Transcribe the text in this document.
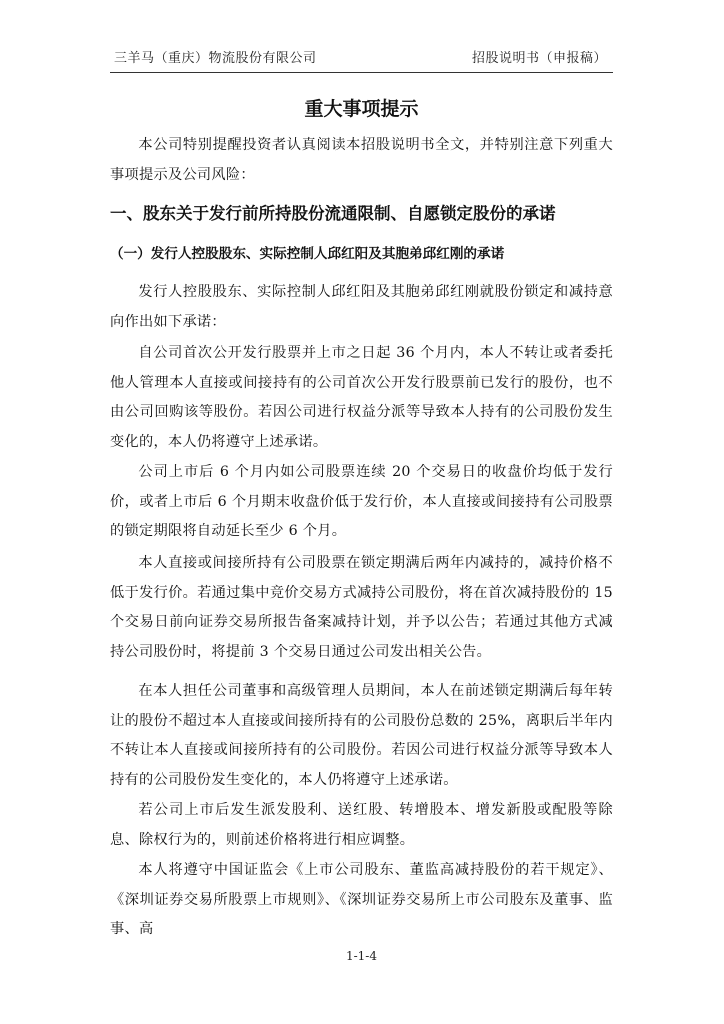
三羊马（重庆）物流股份有限公司	招股说明书（申报稿）
重大事项提示

本公司特别提醒投资者认真阅读本招股说明书全文，并特别注意下列重大事项提示及公司风险：

一、股东关于发行前所持股份流通限制、自愿锁定股份的承诺
（一）发行人控股股东、实际控制人邱红阳及其胞弟邱红刚的承诺

发行人控股股东、实际控制人邱红阳及其胞弟邱红刚就股份锁定和减持意向作出如下承诺：

自公司首次公开发行股票并上市之日起 36 个月内，本人不转让或者委托他人管理本人直接或间接持有的公司首次公开发行股票前已发行的股份，也不由公司回购该等股份。若因公司进行权益分派等导致本人持有的公司股份发生变化的，本人仍将遵守上述承诺。

公司上市后 6 个月内如公司股票连续 20 个交易日的收盘价均低于发行价，或者上市后 6 个月期末收盘价低于发行价，本人直接或间接持有公司股票的锁定期限将自动延长至少 6 个月。

本人直接或间接所持有公司股票在锁定期满后两年内减持的，减持价格不低于发行价。若通过集中竞价交易方式减持公司股份，将在首次减持股份的 15 个交易日前向证券交易所报告备案减持计划，并予以公告；若通过其他方式减持公司股份时，将提前 3 个交易日通过公司发出相关公告。

在本人担任公司董事和高级管理人员期间，本人在前述锁定期满后每年转让的股份不超过本人直接或间接所持有的公司股份总数的 25%，离职后半年内不转让本人直接或间接所持有的公司股份。若因公司进行权益分派等导致本人持有的公司股份发生变化的，本人仍将遵守上述承诺。

若公司上市后发生派发股利、送红股、转增股本、增发新股或配股等除息、除权行为的，则前述价格将进行相应调整。

本人将遵守中国证监会《上市公司股东、董监高减持股份的若干规定》、《深圳证券交易所股票上市规则》、《深圳证券交易所上市公司股东及董事、监事、高

1-1-4
